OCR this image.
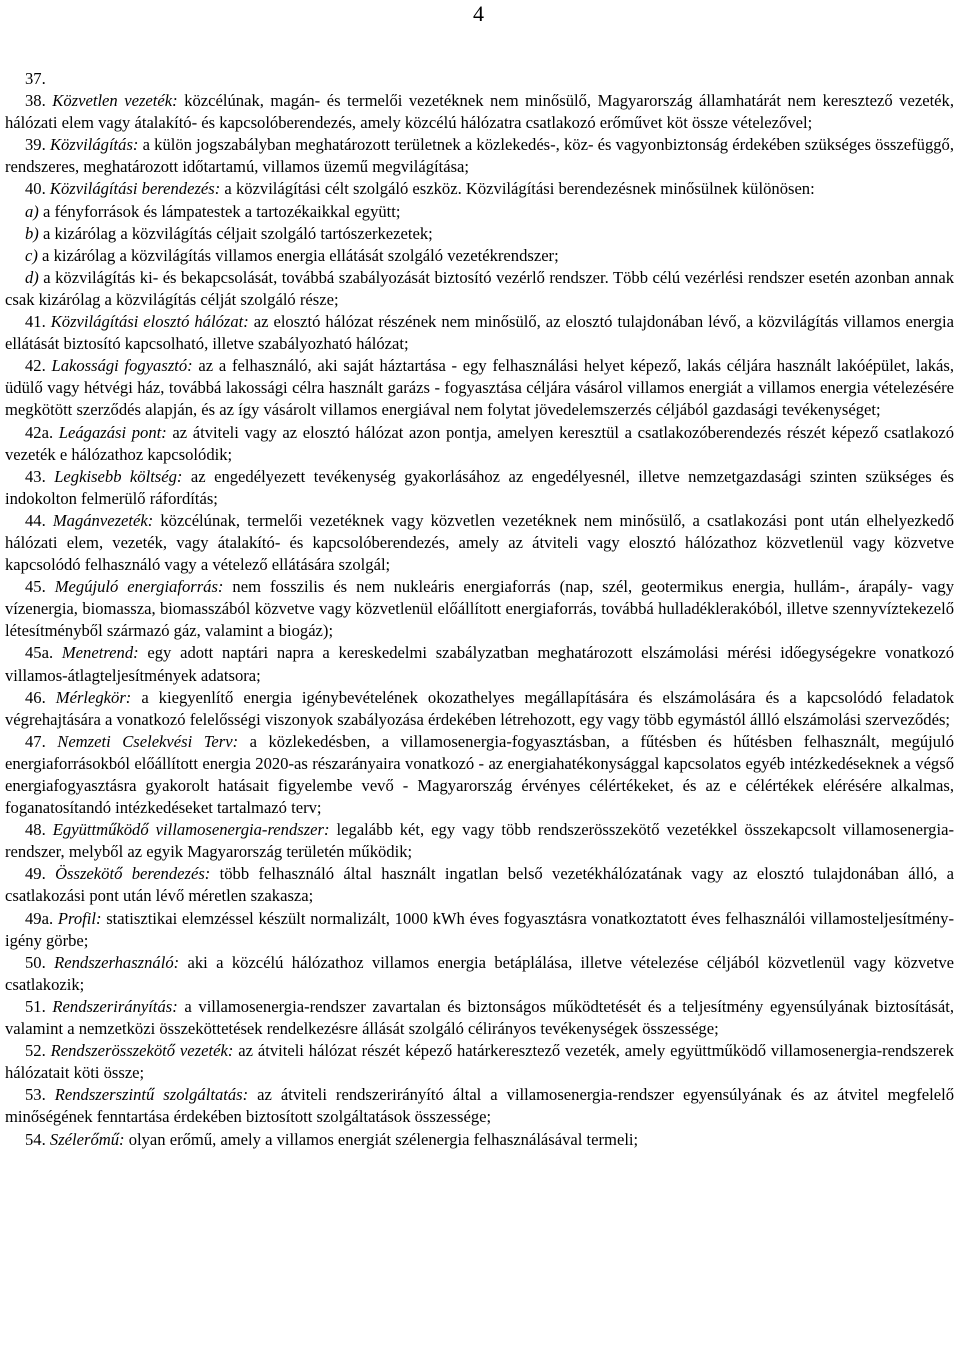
4

37.

38. Közvetlen vezeték: közcélúnak, magán- és termelői vezetéknek nem minősülő, Magyarország államhatárát nem keresztező vezeték, hálózati elem vagy átalakító- és kapcsolóberendezés, amely közcélú hálózatra csatlakozó erőművet köt össze vételezővel;

39. Közvilágítás: a külön jogszabályban meghatározott területnek a közlekedés-, köz- és vagyonbiztonság érdekében szükséges összefüggő, rendszeres, meghatározott időtartamú, villamos üzemű megvilágítása;

40. Közvilágítási berendezés: a közvilágítási célt szolgáló eszköz. Közvilágítási berendezésnek minősülnek különösen:

a) a fényforrások és lámpatestek a tartozékaikkal együtt;

b) a kizárólag a közvilágítás céljait szolgáló tartószerkezetek;

c) a kizárólag a közvilágítás villamos energia ellátását szolgáló vezetékrendszer;

d) a közvilágítás ki- és bekapcsolását, továbbá szabályozását biztosító vezérlő rendszer. Több célú vezérlési rendszer esetén azonban annak csak kizárólag a közvilágítás célját szolgáló része;

41. Közvilágítási elosztó hálózat: az elosztó hálózat részének nem minősülő, az elosztó tulajdonában lévő, a közvilágítás villamos energia ellátását biztosító kapcsolható, illetve szabályozható hálózat;

42. Lakossági fogyasztó: az a felhasználó, aki saját háztartása - egy felhasználási helyet képező, lakás céljára használt lakóépület, lakás, üdülő vagy hétvégi ház, továbbá lakossági célra használt garázs - fogyasztása céljára vásárol villamos energiát a villamos energia vételezésére megkötött szerződés alapján, és az így vásárolt villamos energiával nem folytat jövedelemszerzés céljából gazdasági tevékenységet;

42a. Leágazási pont: az átviteli vagy az elosztó hálózat azon pontja, amelyen keresztül a csatlakozóberendezés részét képező csatlakozó vezeték e hálózathoz kapcsolódik;

43. Legkisebb költség: az engedélyezett tevékenység gyakorlásához az engedélyesnél, illetve nemzetgazdasági szinten szükséges és indokolton felmerülő ráfordítás;

44. Magánvezeték: közcélúnak, termelői vezetéknek vagy közvetlen vezetéknek nem minősülő, a csatlakozási pont után elhelyezkedő hálózati elem, vezeték, vagy átalakító- és kapcsolóberendezés, amely az átviteli vagy elosztó hálózathoz közvetlenül vagy közvetve kapcsolódó felhasználó vagy a vételező ellátására szolgál;

45. Megújuló energiaforrás: nem fosszilis és nem nukleáris energiaforrás (nap, szél, geotermikus energia, hullám-, árapály- vagy vízenergia, biomassza, biomasszából közvetve vagy közvetlenül előállított energiaforrás, továbbá hulladéklerakóból, illetve szennyvíztekezelő létesítményből származó gáz, valamint a biogáz);

45a. Menetrend: egy adott naptári napra a kereskedelmi szabályzatban meghatározott elszámolási mérési időegységekre vonatkozó villamos-átlagteljesítmények adatsora;

46. Mérlegkör: a kiegyenlítő energia igénybevételének okozathelyes megállapítására és elszámolására és a kapcsolódó feladatok végrehajtására a vonatkozó felelősségi viszonyok szabályozása érdekében létrehozott, egy vagy több egymástól állló elszámolási szerveződés;

47. Nemzeti Cselekvési Terv: a közlekedésben, a villamosenergia-fogyasztásban, a fűtésben és hűtésben felhasznált, megújuló energiaforrásokból előállított energia 2020-as részarányaira vonatkozó - az energiahatékonysággal kapcsolatos egyéb intézkedéseknek a végső energiafogyasztásra gyakorolt hatásait figyelembe vevő - Magyarország érvényes célértékeket, és az e célértékek elérésére alkalmas, foganatosítandó intézkedéseket tartalmazó terv;

48. Együttműködő villamosenergia-rendszer: legalább két, egy vagy több rendszerösszekötő vezetékkel összekapcsolt villamosenergia-rendszer, melyből az egyik Magyarország területén működik;

49. Összekötő berendezés: több felhasználó által használt ingatlan belső vezetékhálózatának vagy az elosztó tulajdonában álló, a csatlakozási pont után lévő méretlen szakasza;

49a. Profil: statisztikai elemzéssel készült normalizált, 1000 kWh éves fogyasztásra vonatkoztatott éves felhasználói villamosteljesítmény-igény görbe;

50. Rendszerhasználó: aki a közcélú hálózathoz villamos energia betáplálása, illetve vételezése céljából közvetlenül vagy közvetve csatlakozik;

51. Rendszerirányítás: a villamosenergia-rendszer zavartalan és biztonságos működtetését és a teljesítmény egyensúlyának biztosítását, valamint a nemzetközi összeköttetések rendelkezésre állását szolgáló célirányos tevékenységek összessége;

52. Rendszerösszekötő vezeték: az átviteli hálózat részét képező határkeresztező vezeték, amely együttműködő villamosenergia-rendszerek hálózatait köti össze;

53. Rendszerszintű szolgáltatás: az átviteli rendszerirányító által a villamosenergia-rendszer egyensúlyának és az átvitel megfelelő minőségének fenntartása érdekében biztosított szolgáltatások összessége;

54. Szélerőmű: olyan erőmű, amely a villamos energiát szélenergia felhasználásával termeli;
